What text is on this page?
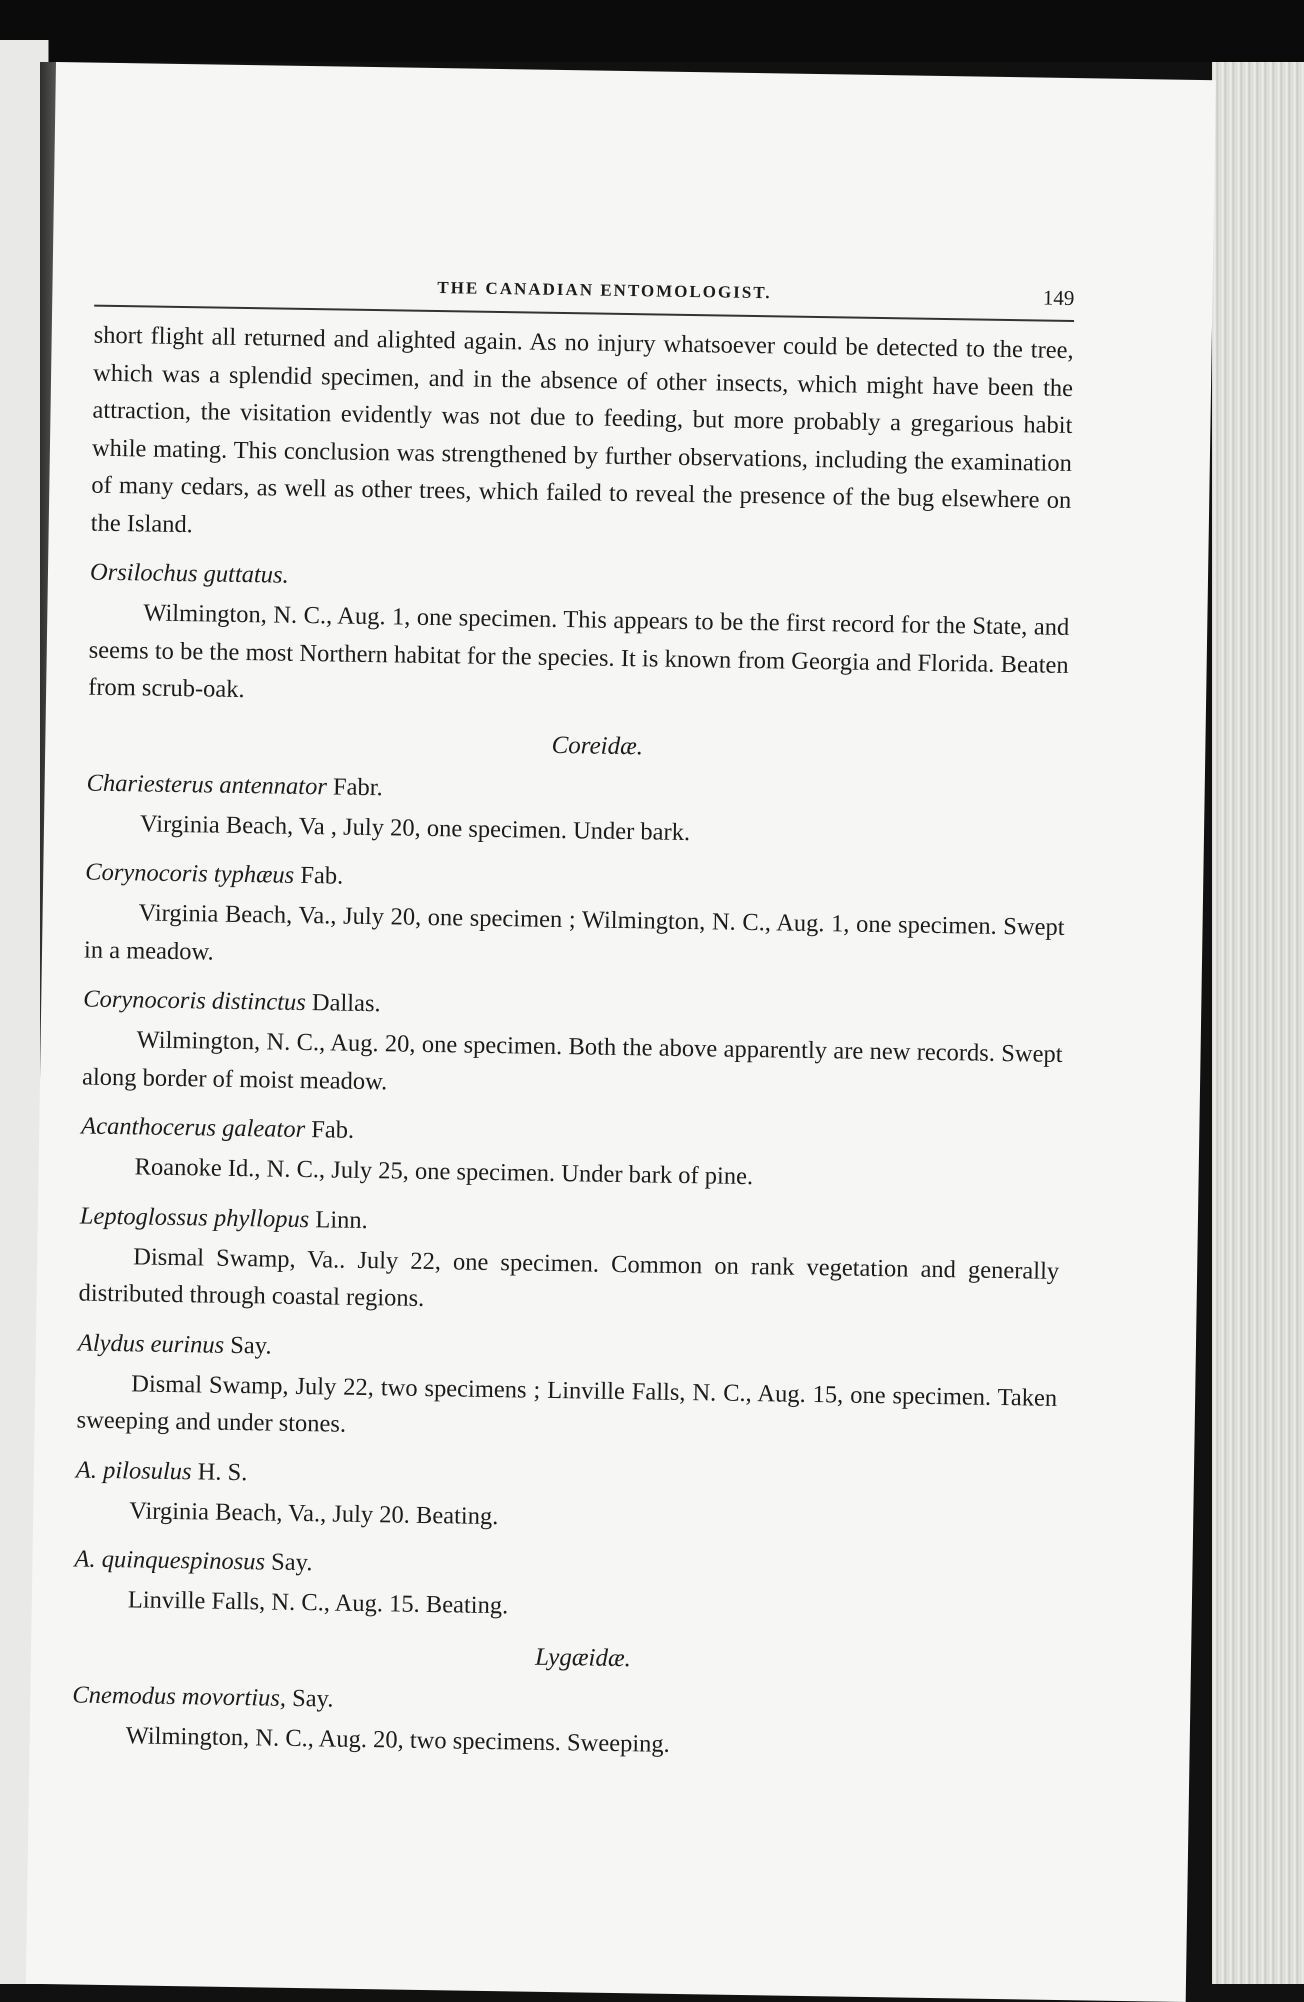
THE CANADIAN ENTOMOLOGIST.	149

short flight all returned and alighted again. As no injury whatsoever could be detected to the tree, which was a splendid specimen, and in the absence of other insects, which might have been the attraction, the visitation evidently was not due to feeding, but more probably a gregarious habit while mating. This conclusion was strengthened by further observations, including the examination of many cedars, as well as other trees, which failed to reveal the presence of the bug elsewhere on the Island.

Orsilochus guttatus.

Wilmington, N. C., Aug. 1, one specimen. This appears to be the first record for the State, and seems to be the most Northern habitat for the species. It is known from Georgia and Florida. Beaten from scrub-oak.

Coreidæ.
Chariesterus antennator Fabr.

Virginia Beach, Va , July 20, one specimen. Under bark.

Corynocoris typhæus Fab.

Virginia Beach, Va., July 20, one specimen ; Wilmington, N. C., Aug. 1, one specimen. Swept in a meadow.

Corynocoris distinctus Dallas.

Wilmington, N. C., Aug. 20, one specimen. Both the above apparently are new records. Swept along border of moist meadow.

Acanthocerus galeator Fab.

Roanoke Id., N. C., July 25, one specimen. Under bark of pine.

Leptoglossus phyllopus Linn.

Dismal Swamp, Va.. July 22, one specimen. Common on rank vegetation and generally distributed through coastal regions.

Alydus eurinus Say.

Dismal Swamp, July 22, two specimens ; Linville Falls, N. C., Aug. 15, one specimen. Taken sweeping and under stones.

A. pilosulus H. S.

Virginia Beach, Va., July 20. Beating.

A. quinquespinosus Say.

Linville Falls, N. C., Aug. 15. Beating.

Lygæidæ.
Cnemodus movortius, Say.

Wilmington, N. C., Aug. 20, two specimens. Sweeping.
